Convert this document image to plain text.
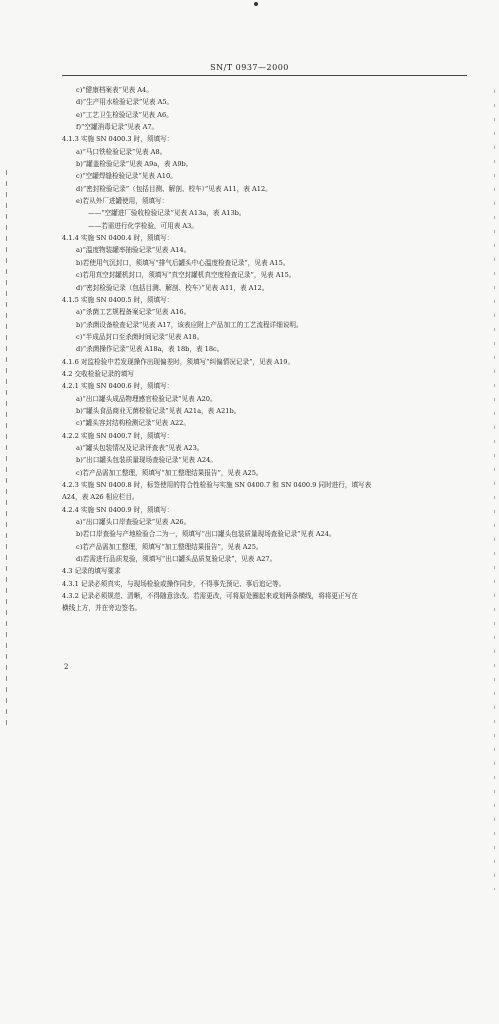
SN/T 0937—2000
c)“健康档案表”见表 A4。
d)“生产用水检验记录”见表 A5。
e)“工艺卫生检验记录”见表 A6。
f)“空罐消毒记录”见表 A7。
4.1.3 实施 SN 0400.3 时，须填写：
a)“马口铁检验记录”见表 A8。
b)“罐盖检验记录”见表 A9a，表 A9b。
c)“空罐焊缝检验记录”见表 A10。
d)“密封检验记录”（包括目测、解剖、校车）”见表 A11，表 A12。
e)若从外厂进罐使用，须填写：
——“空罐进厂验收检验记录”见表 A13a，表 A13b。
——若需进行化学检验，可用表 A3。
4.1.4 实施 SN 0400.4 时，须填写：
a)“温度物装罐率抽验记录”见表 A14。
b)若使用气沉封口，须填写“排气后罐头中心温度检查记录”，见表 A15。
c)若用真空封罐机封口，须填写“真空封罐机真空度检查记录”，见表 A15。
d)“密封检验记录（包括目测、解剖、校车）”见表 A11，表 A12。
4.1.5 实施 SN 0400.5 时，须填写：
a)“杀菌工艺规程备案记录”见表 A16。
b)“杀菌设备检查记录”见表 A17，该表应附上产品加工的工艺流程详细说明。
c)“半成品封口至杀菌时间记录”见表 A18。
d)“杀菌操作记录”见表 A18a，表 18b，表 18c。
4.1.6 对监检验中若发现操作出现偏差时，须填写“纠偏情况记录”，见表 A19。
4.2 交收检验记录的填写
4.2.1 实施 SN 0400.6 时，须填写：
a)“出口罐头成品物理感官检验记录”见表 A20。
b)“罐头食品商业无菌检验记录”见表 A21a，表 A21b。
c)“罐头容封结构检测记录”见表 A22。
4.2.2 实施 SN 0400.7 时，须填写：
a)“罐头包装情况及记录评查表”见表 A23。
b)“出口罐头包装质量现场查验记录”见表 A24。
c)若产品需加工整理，须填写“加工整理结果报告”，见表 A25。
4.2.3 实施 SN 0400.8 时，标签使用的符合性检验与实施 SN 0400.7 和 SN 0400.9 同时进行，填写表
A24，表 A26 相应栏目。
4.2.4 实施 SN 0400.9 时，须填写：
a)“出口罐头口岸查验记录”见表 A26。
b)若口岸查验与产地检验合二为一，须填写“出口罐头包装质量现场查验记录”见表 A24。
c)若产品需加工整理，须填写“加工整理结果报告”，见表 A25。
d)若需进行品质复验，须填写“出口罐头品质复验记录”，见表 A27。
4.3 记录的填写要求
4.3.1 记录必须真实，与现场检验或操作同步，不得事先预记、事后追记等。
4.3.2 记录必须规范、清晰，不得随意涂改。若需更改，可将原处圈起来或划两条横线，将将更正写在
横线上方，并在旁边签名。
2
